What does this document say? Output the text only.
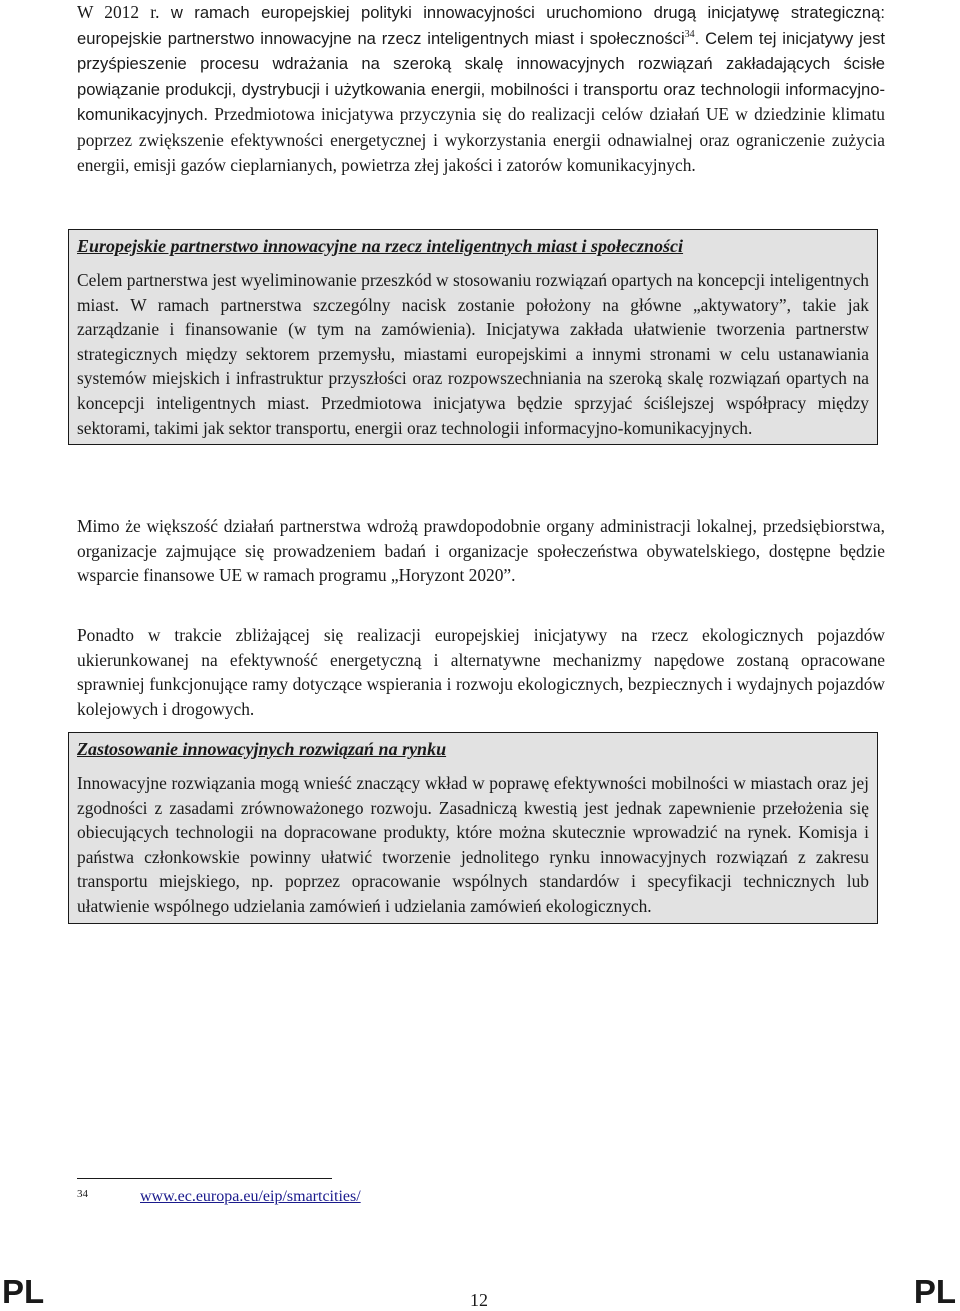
W 2012 r. w ramach europejskiej polityki innowacyjności uruchomiono drugą inicjatywę strategiczną: europejskie partnerstwo innowacyjne na rzecz inteligentnych miast i społeczności$^{34}$. Celem tej inicjatywy jest przyśpieszenie procesu wdrażania na szeroką skalę innowacyjnych rozwiązań zakładających ścisłe powiązanie produkcji, dystrybucji i użytkowania energii, mobilności i transportu oraz technologii informacyjno-komunikacyjnych. Przedmiotowa inicjatywa przyczynia się do realizacji celów działań UE w dziedzinie klimatu poprzez zwiększenie efektywności energetycznej i wykorzystania energii odnawialnej oraz ograniczenie zużycia energii, emisji gazów cieplarnianych, powietrza złej jakości i zatorów komunikacyjnych.

Europejskie partnerstwo innowacyjne na rzecz inteligentnych miast i społeczności

Celem partnerstwa jest wyeliminowanie przeszkód w stosowaniu rozwiązań opartych na koncepcji inteligentnych miast. W ramach partnerstwa szczególny nacisk zostanie położony na główne „aktywatory”, takie jak zarządzanie i finansowanie (w tym na zamówienia). Inicjatywa zakłada ułatwienie tworzenia partnerstw strategicznych między sektorem przemysłu, miastami europejskimi a innymi stronami w celu ustanawiania systemów miejskich i infrastruktur przyszłości oraz rozpowszechniania na szeroką skalę rozwiązań opartych na koncepcji inteligentnych miast. Przedmiotowa inicjatywa będzie sprzyjać ściślejszej współpracy między sektorami, takimi jak sektor transportu, energii oraz technologii informacyjno-komunikacyjnych.

Mimo że większość działań partnerstwa wdrożą prawdopodobnie organy administracji lokalnej, przedsiębiorstwa, organizacje zajmujące się prowadzeniem badań i organizacje społeczeństwa obywatelskiego, dostępne będzie wsparcie finansowe UE w ramach programu „Horyzont 2020”.

Ponadto w trakcie zbliżającej się realizacji europejskiej inicjatywy na rzecz ekologicznych pojazdów ukierunkowanej na efektywność energetyczną i alternatywne mechanizmy napędowe zostaną opracowane sprawniej funkcjonujące ramy dotyczące wspierania i rozwoju ekologicznych, bezpiecznych i wydajnych pojazdów kolejowych i drogowych.

Zastosowanie innowacyjnych rozwiązań na rynku

Innowacyjne rozwiązania mogą wnieść znaczący wkład w poprawę efektywności mobilności w miastach oraz jej zgodności z zasadami zrównoważonego rozwoju. Zasadniczą kwestią jest jednak zapewnienie przełożenia się obiecujących technologii na dopracowane produkty, które można skutecznie wprowadzić na rynek. Komisja i państwa członkowskie powinny ułatwić tworzenie jednolitego rynku innowacyjnych rozwiązań z zakresu transportu miejskiego, np. poprzez opracowanie wspólnych standardów i specyfikacji technicznych lub ułatwienie wspólnego udzielania zamówień i udzielania zamówień ekologicznych.

34	www.ec.europa.eu/eip/smartcities/
PL	12	PL
